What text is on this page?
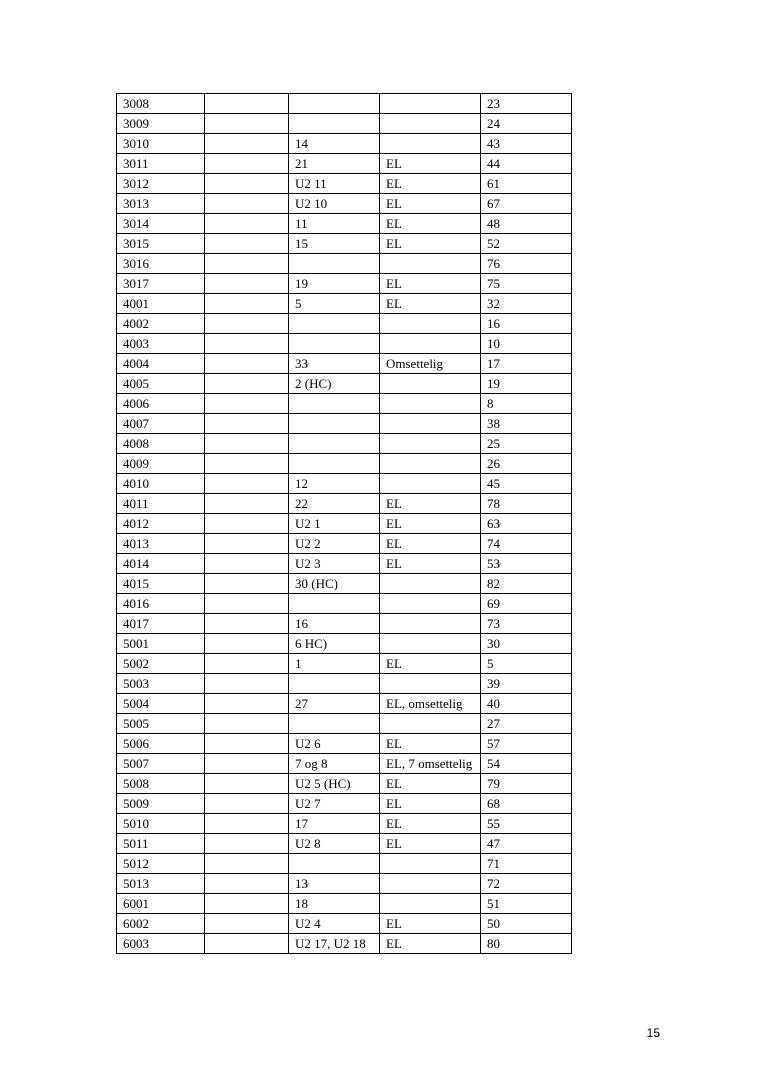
3008				23
3009				24
3010		14		43
3011		21	EL	44
3012		U2 11	EL	61
3013		U2 10	EL	67
3014		11	EL	48
3015		15	EL	52
3016				76
3017		19	EL	75
4001		5	EL	32
4002				16
4003				10
4004		33	Omsettelig	17
4005		2 (HC)		19
4006				8
4007				38
4008				25
4009				26
4010		12		45
4011		22	EL	78
4012		U2 1	EL	63
4013		U2 2	EL	74
4014		U2 3	EL	53
4015		30 (HC)		82
4016				69
4017		16		73
5001		6 HC)		30
5002		1	EL	5
5003				39
5004		27	EL, omsettelig	40
5005				27
5006		U2 6	EL	57
5007		7 og 8	EL, 7 omsettelig	54
5008		U2 5 (HC)	EL	79
5009		U2 7	EL	68
5010		17	EL	55
5011		U2 8	EL	47
5012				71
5013		13		72
6001		18		51
6002		U2 4	EL	50
6003		U2 17, U2 18	EL	80
15
